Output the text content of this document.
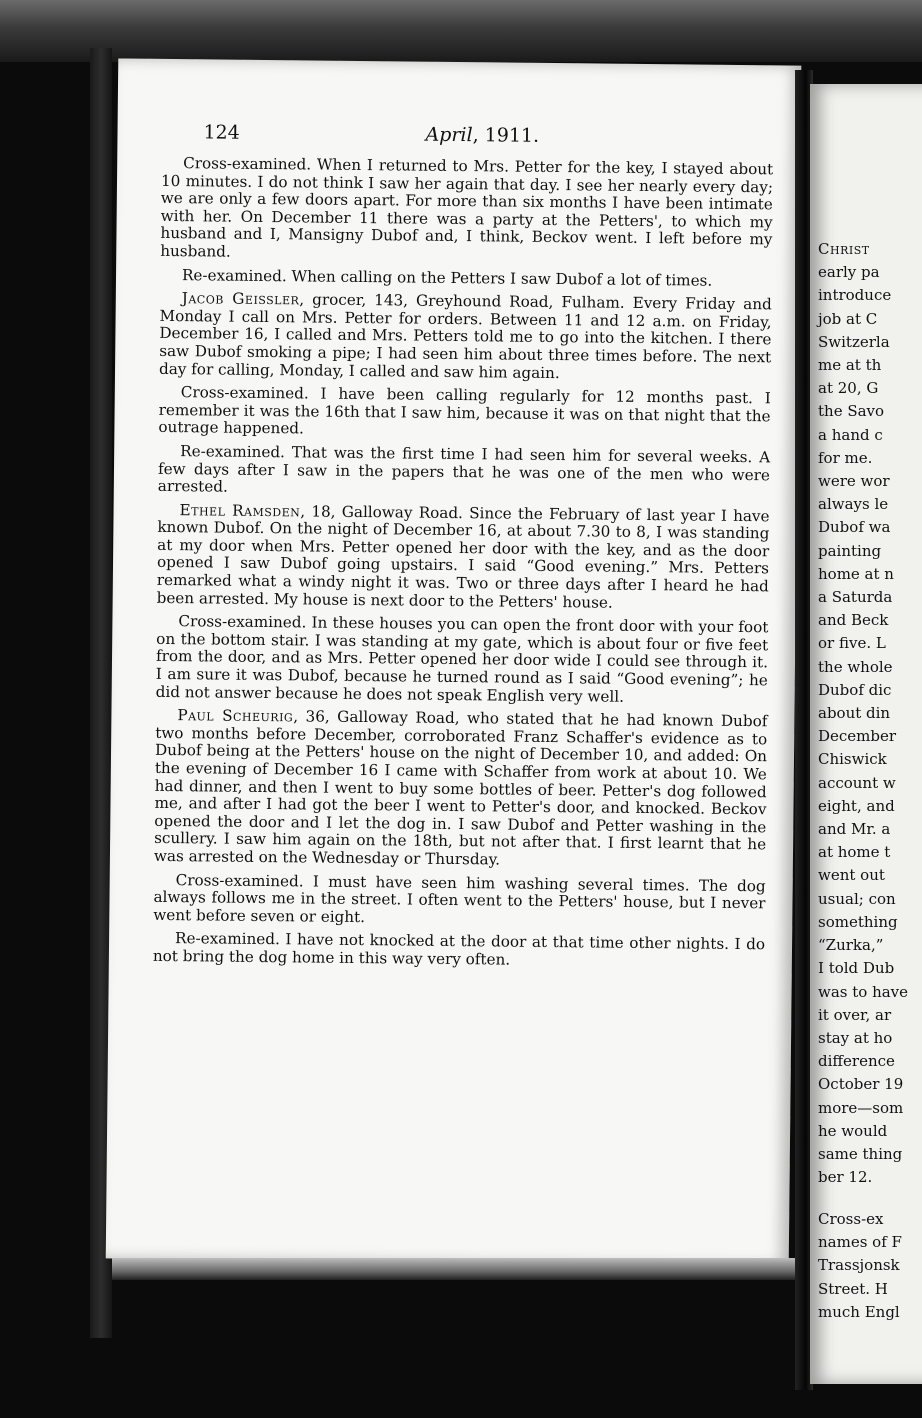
124	April, 1911.

Cross-examined. When I returned to Mrs. Petter for the key, I stayed about 10 minutes. I do not think I saw her again that day. I see her nearly every day; we are only a few doors apart. For more than six months I have been intimate with her. On December 11 there was a party at the Petters', to which my husband and I, Mansigny Dubof and, I think, Beckov went. I left before my husband.

Re-examined. When calling on the Petters I saw Dubof a lot of times.

Jacob Geissler, grocer, 143, Greyhound Road, Fulham. Every Friday and Monday I call on Mrs. Petter for orders. Between 11 and 12 a.m. on Friday, December 16, I called and Mrs. Petters told me to go into the kitchen. I there saw Dubof smoking a pipe; I had seen him about three times before. The next day for calling, Monday, I called and saw him again.

Cross-examined. I have been calling regularly for 12 months past. I remember it was the 16th that I saw him, because it was on that night that the outrage happened.

Re-examined. That was the first time I had seen him for several weeks. A few days after I saw in the papers that he was one of the men who were arrested.

Ethel Ramsden, 18, Galloway Road. Since the February of last year I have known Dubof. On the night of December 16, at about 7.30 to 8, I was standing at my door when Mrs. Petter opened her door with the key, and as the door opened I saw Dubof going upstairs. I said “Good evening.” Mrs. Petters remarked what a windy night it was. Two or three days after I heard he had been arrested. My house is next door to the Petters' house.

Cross-examined. In these houses you can open the front door with your foot on the bottom stair. I was standing at my gate, which is about four or five feet from the door, and as Mrs. Petter opened her door wide I could see through it. I am sure it was Dubof, because he turned round as I said “Good evening”; he did not answer because he does not speak English very well.

Paul Scheurig, 36, Galloway Road, who stated that he had known Dubof two months before December, corroborated Franz Schaffer's evidence as to Dubof being at the Petters' house on the night of December 10, and added: On the evening of December 16 I came with Schaffer from work at about 10. We had dinner, and then I went to buy some bottles of beer. Petter's dog followed me, and after I had got the beer I went to Petter's door, and knocked. Beckov opened the door and I let the dog in. I saw Dubof and Petter washing in the scullery. I saw him again on the 18th, but not after that. I first learnt that he was arrested on the Wednesday or Thursday.

Cross-examined. I must have seen him washing several times. The dog always follows me in the street. I often went to the Petters' house, but I never went before seven or eight.

Re-examined. I have not knocked at the door at that time other nights. I do not bring the dog home in this way very often.

Christ
early pa
introduce
job at C
Switzerla
me at th
at 20, G
the Savo
a hand c
for me.
were wor
always le
Dubof wa
painting
home at n
a Saturda
and Beck
or five. L
the whole
Dubof dic
about din
December
Chiswick
account w
eight, and
and Mr. a
at home t
went out
usual; con
something
“Zurka,”
I told Dub
was to have
it over, ar
stay at ho
difference
October 19
more—som
he would
same thing
ber 12.
Cross-ex
names of F
Trassjonsk
Street. H
much Engl
